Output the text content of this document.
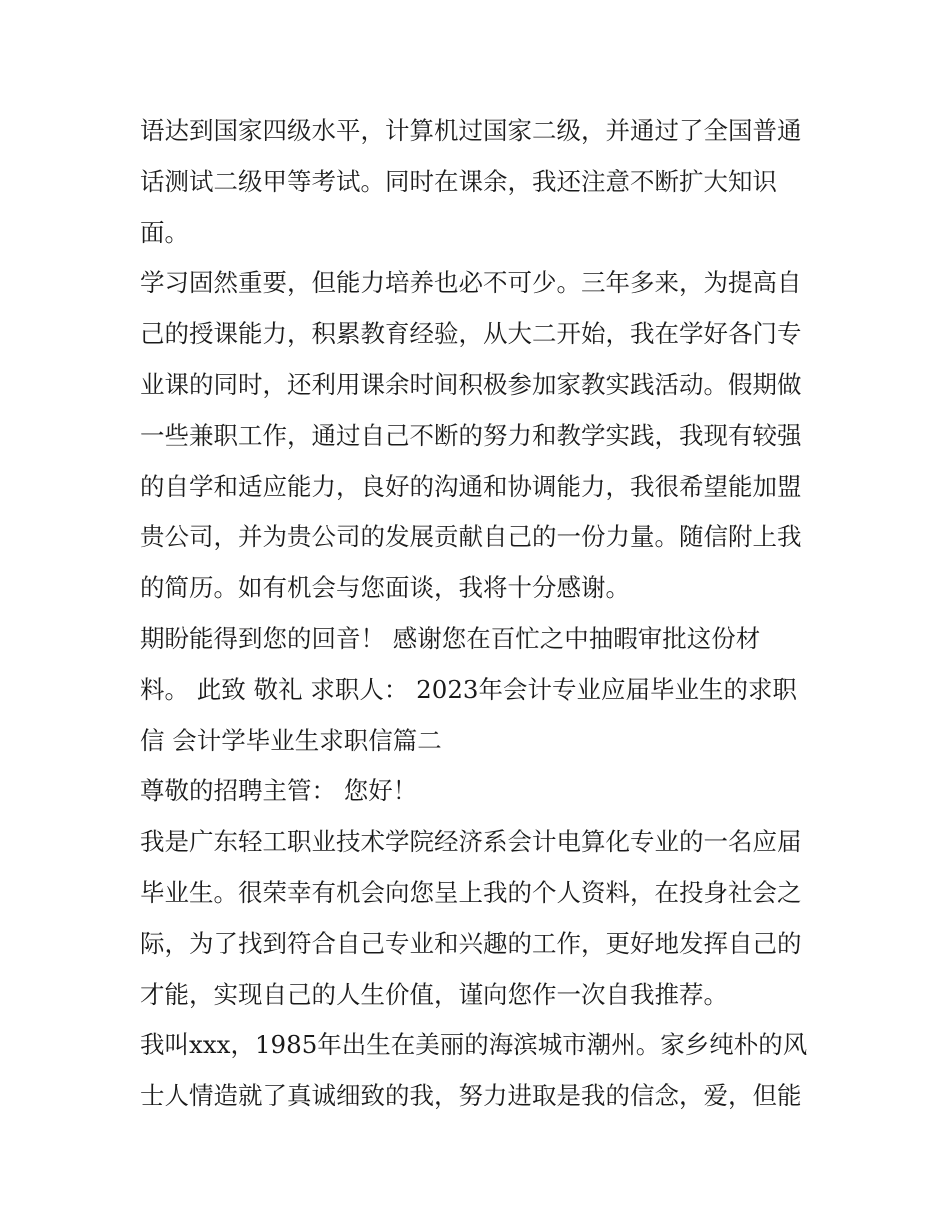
语达到国家四级水平，计算机过国家二级，并通过了全国普通

话测试二级甲等考试。同时在课余，我还注意不断扩大知识

面。

学习固然重要，但能力培养也必不可少。三年多来，为提高自

己的授课能力，积累教育经验，从大二开始，我在学好各门专

业课的同时，还利用课余时间积极参加家教实践活动。假期做

一些兼职工作，通过自己不断的努力和教学实践，我现有较强

的自学和适应能力，良好的沟通和协调能力，我很希望能加盟

贵公司，并为贵公司的发展贡献自己的一份力量。随信附上我

的简历。如有机会与您面谈，我将十分感谢。

期盼能得到您的回音！ 感谢您在百忙之中抽暇审批这份材

料。 此致 敬礼 求职人： 2023年会计专业应届毕业生的求职

信 会计学毕业生求职信篇二

尊敬的招聘主管： 您好！

我是广东轻工职业技术学院经济系会计电算化专业的一名应届

毕业生。很荣幸有机会向您呈上我的个人资料，在投身社会之

际，为了找到符合自己专业和兴趣的工作，更好地发挥自己的

才能，实现自己的人生价值，谨向您作一次自我推荐。

我叫xxx，1985年出生在美丽的海滨城市潮州。家乡纯朴的风

士人情造就了真诚细致的我，努力进取是我的信念，爱，但能
